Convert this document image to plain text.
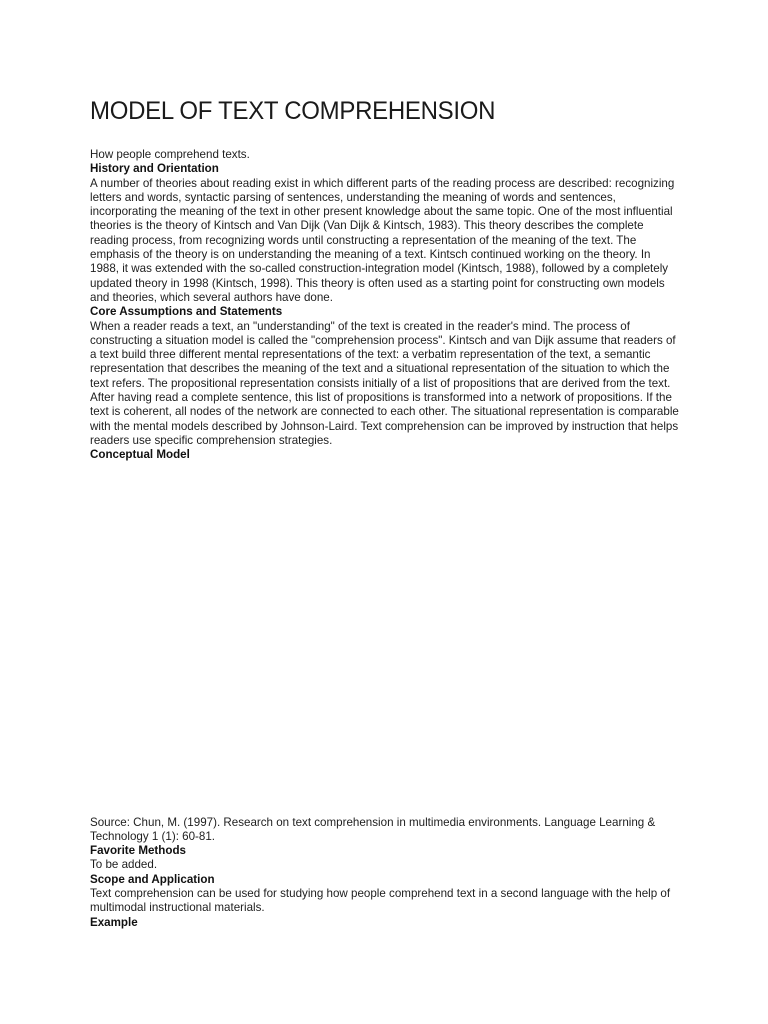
MODEL OF TEXT COMPREHENSION

How people comprehend texts.

History and Orientation

A number of theories about reading exist in which different parts of the reading process are described: recognizing letters and words, syntactic parsing of sentences, understanding the meaning of words and sentences, incorporating the meaning of the text in other present knowledge about the same topic. One of the most influential theories is the theory of Kintsch and Van Dijk (Van Dijk & Kintsch, 1983). This theory describes the complete reading process, from recognizing words until constructing a representation of the meaning of the text. The emphasis of the theory is on understanding the meaning of a text. Kintsch continued working on the theory. In 1988, it was extended with the so-called construction-integration model (Kintsch, 1988), followed by a completely updated theory in 1998 (Kintsch, 1998). This theory is often used as a starting point for constructing own models and theories, which several authors have done.

Core Assumptions and Statements

When a reader reads a text, an "understanding" of the text is created in the reader's mind. The process of constructing a situation model is called the "comprehension process". Kintsch and van Dijk assume that readers of a text build three different mental representations of the text: a verbatim representation of the text, a semantic representation that describes the meaning of the text and a situational representation of the situation to which the text refers. The propositional representation consists initially of a list of propositions that are derived from the text. After having read a complete sentence, this list of propositions is transformed into a network of propositions. If the text is coherent, all nodes of the network are connected to each other. The situational representation is comparable with the mental models described by Johnson-Laird. Text comprehension can be improved by instruction that helps readers use specific comprehension strategies.

Conceptual Model

Source: Chun, M. (1997). Research on text comprehension in multimedia environments. Language Learning & Technology 1 (1): 60-81.

Favorite Methods

To be added.

Scope and Application

Text comprehension can be used for studying how people comprehend text in a second language with the help of multimodal instructional materials.

Example
